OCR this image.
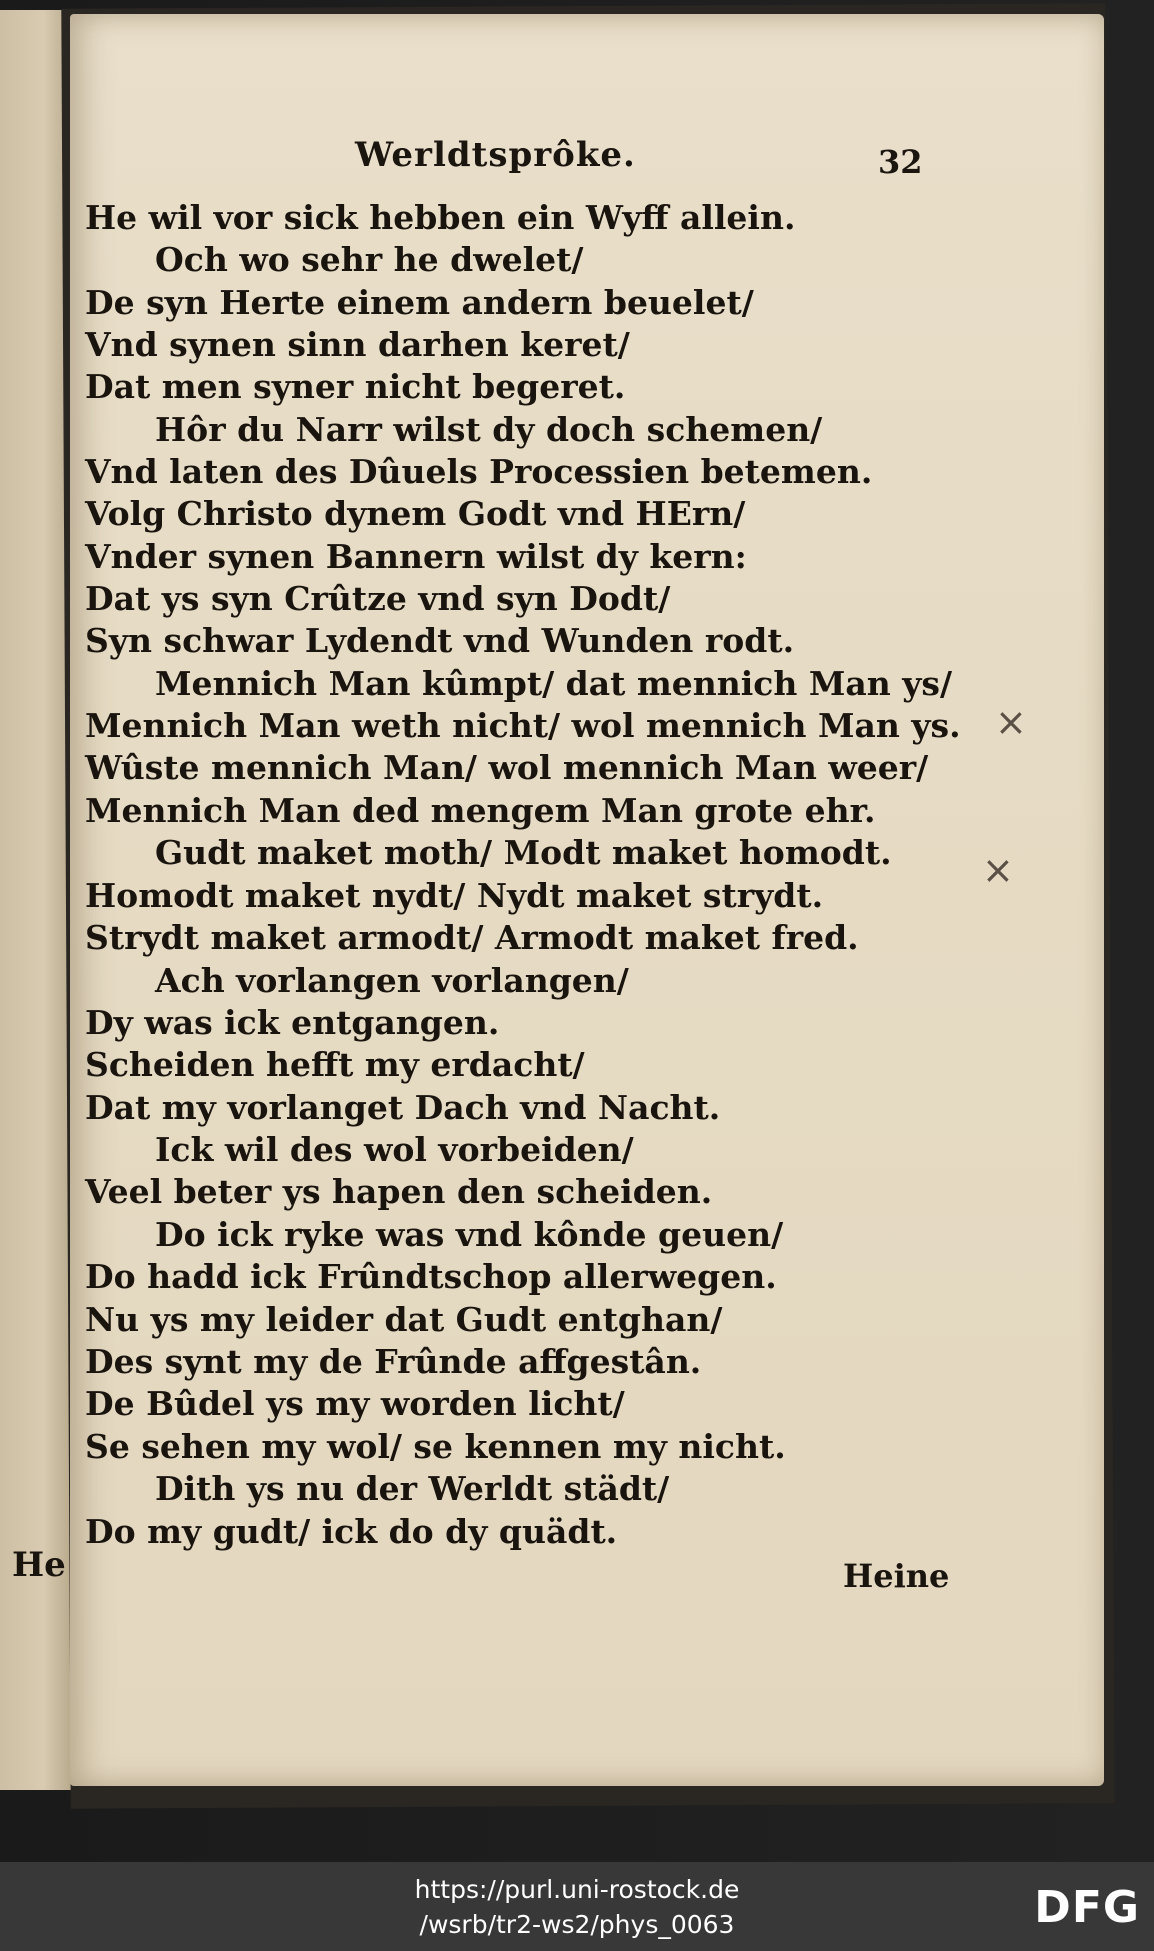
He
Werldtsprôke.	32
He wil vor sick hebben ein Wyff allein.
Och wo sehr he dwelet/
De syn Herte einem andern beuelet/
Vnd synen sinn darhen keret/
Dat men syner nicht begeret.
Hôr du Narr wilst dy doch schemen/
Vnd laten des Dûuels Processien betemen.
Volg Christo dynem Godt vnd HErn/
Vnder synen Bannern wilst dy kern:
Dat ys syn Crûtze vnd syn Dodt/
Syn schwar Lydendt vnd Wunden rodt.
Mennich Man kûmpt/ dat mennich Man ys/
Mennich Man weth nicht/ wol mennich Man ys.
Wûste mennich Man/ wol mennich Man weer/
Mennich Man ded mengem Man grote ehr.
Gudt maket moth/ Modt maket homodt.
Homodt maket nydt/ Nydt maket strydt.
Strydt maket armodt/ Armodt maket fred.
Ach vorlangen vorlangen/
Dy was ick entgangen.
Scheiden hefft my erdacht/
Dat my vorlanget Dach vnd Nacht.
Ick wil des wol vorbeiden/
Veel beter ys hapen den scheiden.
Do ick ryke was vnd kônde geuen/
Do hadd ick Frûndtschop allerwegen.
Nu ys my leider dat Gudt entghan/
Des synt my de Frûnde affgestân.
De Bûdel ys my worden licht/
Se sehen my wol/ se kennen my nicht.
Dith ys nu der Werldt städt/
Do my gudt/ ick do dy quädt.
Heine
×
×
https://purl.uni-rostock.de
/wsrb/tr2-ws2/phys_0063	DFG
